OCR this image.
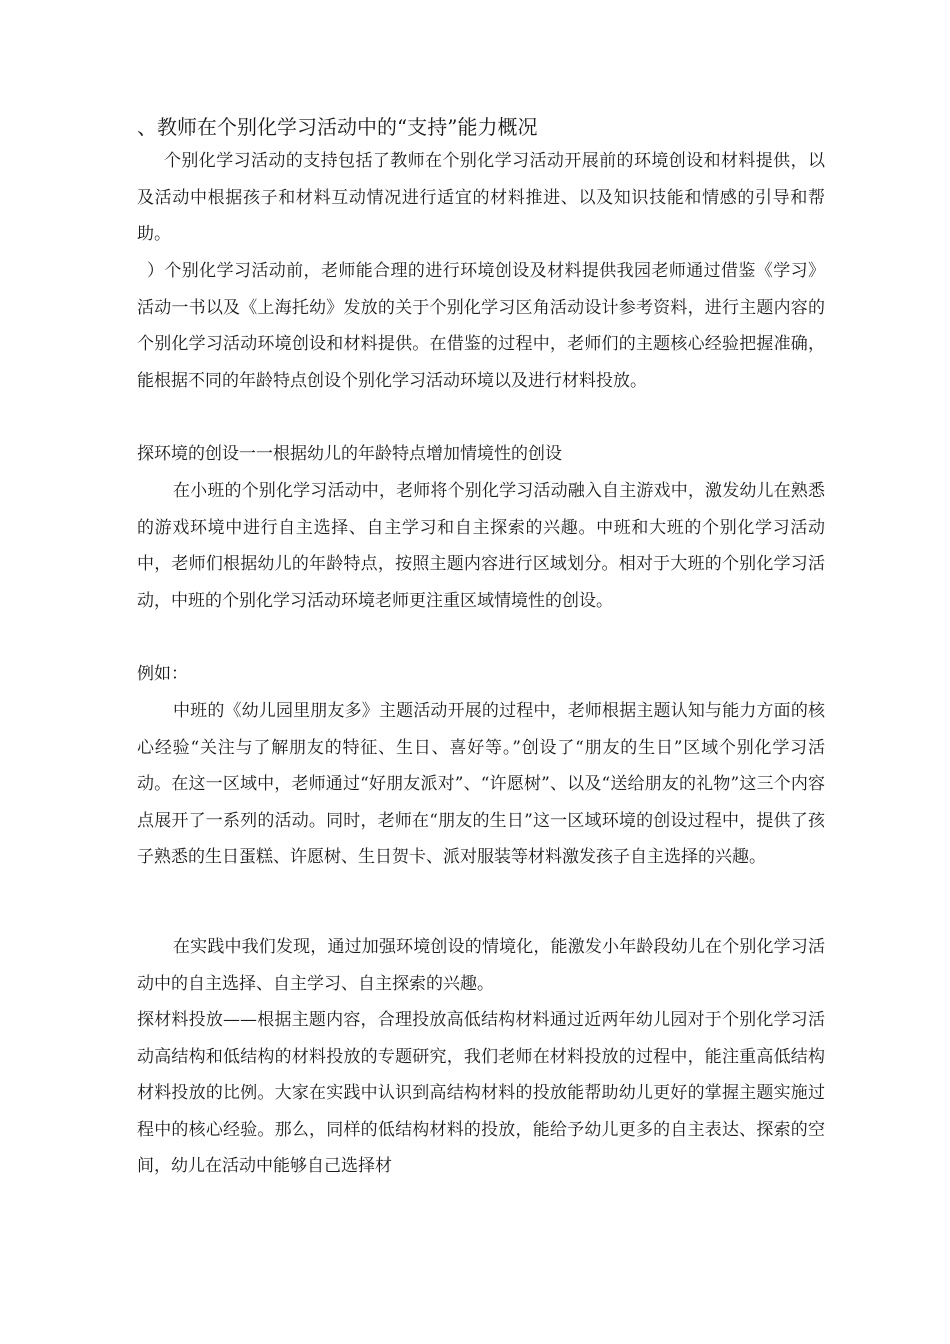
、教师在个别化学习活动中的“支持”能力概况

个别化学习活动的支持包括了教师在个别化学习活动开展前的环境创设和材料提供，以及活动中根据孩子和材料互动情况进行适宜的材料推进、以及知识技能和情感的引导和帮助。

）个别化学习活动前，老师能合理的进行环境创设及材料提供我园老师通过借鉴《学习》活动一书以及《上海托幼》发放的关于个别化学习区角活动设计参考资料，进行主题内容的个别化学习活动环境创设和材料提供。在借鉴的过程中，老师们的主题核心经验把握准确，能根据不同的年龄特点创设个别化学习活动环境以及进行材料投放。

探环境的创设一一根据幼儿的年龄特点增加情境性的创设

在小班的个别化学习活动中，老师将个别化学习活动融入自主游戏中，激发幼儿在熟悉的游戏环境中进行自主选择、自主学习和自主探索的兴趣。中班和大班的个别化学习活动中，老师们根据幼儿的年龄特点，按照主题内容进行区域划分。相对于大班的个别化学习活动，中班的个别化学习活动环境老师更注重区域情境性的创设。

例如：

中班的《幼儿园里朋友多》主题活动开展的过程中，老师根据主题认知与能力方面的核心经验“关注与了解朋友的特征、生日、喜好等。”创设了“朋友的生日”区域个别化学习活动。在这一区域中，老师通过“好朋友派对”、“许愿树”、以及“送给朋友的礼物”这三个内容点展开了一系列的活动。同时，老师在“朋友的生日”这一区域环境的创设过程中，提供了孩子熟悉的生日蛋糕、许愿树、生日贺卡、派对服装等材料激发孩子自主选择的兴趣。

在实践中我们发现，通过加强环境创设的情境化，能激发小年龄段幼儿在个别化学习活动中的自主选择、自主学习、自主探索的兴趣。

探材料投放——根据主题内容，合理投放高低结构材料通过近两年幼儿园对于个别化学习活动高结构和低结构的材料投放的专题研究，我们老师在材料投放的过程中，能注重高低结构材料投放的比例。大家在实践中认识到高结构材料的投放能帮助幼儿更好的掌握主题实施过程中的核心经验。那么，同样的低结构材料的投放，能给予幼儿更多的自主表达、探索的空间，幼儿在活动中能够自己选择材
